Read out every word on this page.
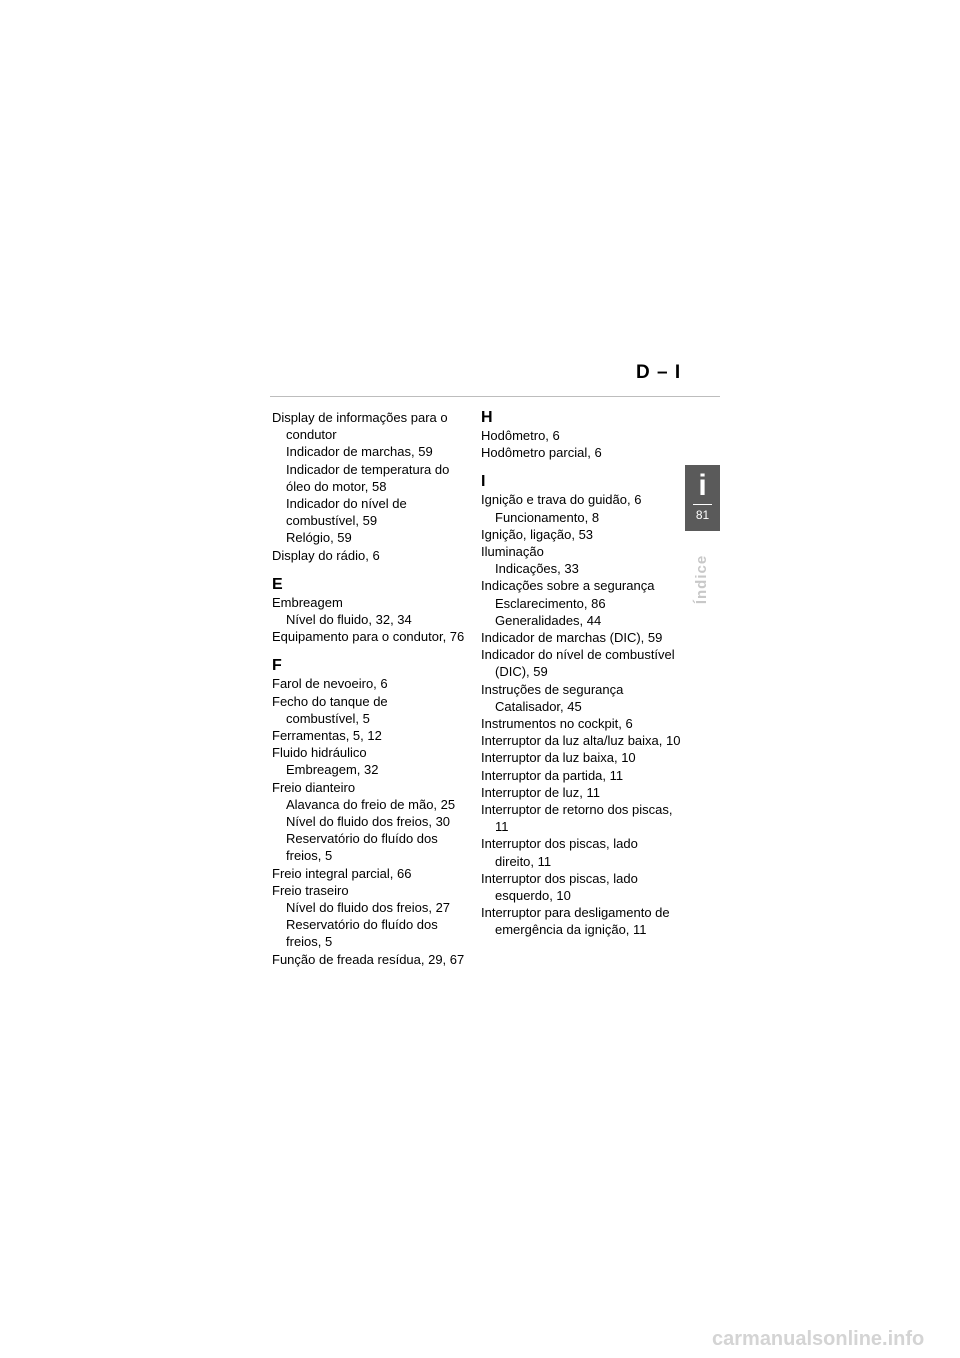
D – I
Display de informações para o
condutor
Indicador de marchas, 59
Indicador de temperatura do
óleo do motor, 58
Indicador do nível de
combustível, 59
Relógio, 59
Display do rádio, 6
E
Embreagem
Nível do fluido, 32, 34
Equipamento para o condutor, 76
F
Farol de nevoeiro, 6
Fecho do tanque de
combustível, 5
Ferramentas, 5, 12
Fluido hidráulico
Embreagem, 32
Freio dianteiro
Alavanca do freio de mão, 25
Nível do fluido dos freios, 30
Reservatório do fluído dos
freios, 5
Freio integral parcial, 66
Freio traseiro
Nível do fluido dos freios, 27
Reservatório do fluído dos
freios, 5
Função de freada resídua, 29, 67
H
Hodômetro, 6
Hodômetro parcial, 6
I
Ignição e trava do guidão, 6
Funcionamento, 8
Ignição, ligação, 53
Iluminação
Indicações, 33
Indicações sobre a segurança
Esclarecimento, 86
Generalidades, 44
Indicador de marchas (DIC), 59
Indicador do nível de combustível
(DIC), 59
Instruções de segurança
Catalisador, 45
Instrumentos no cockpit, 6
Interruptor da luz alta/luz baixa, 10
Interruptor da luz baixa, 10
Interruptor da partida, 11
Interruptor de luz, 11
Interruptor de retorno dos piscas,
11
Interruptor dos piscas, lado
direito, 11
Interruptor dos piscas, lado
esquerdo, 10
Interruptor para desligamento de
emergência da ignição, 11
i
81
Índice
carmanualsonline.info
